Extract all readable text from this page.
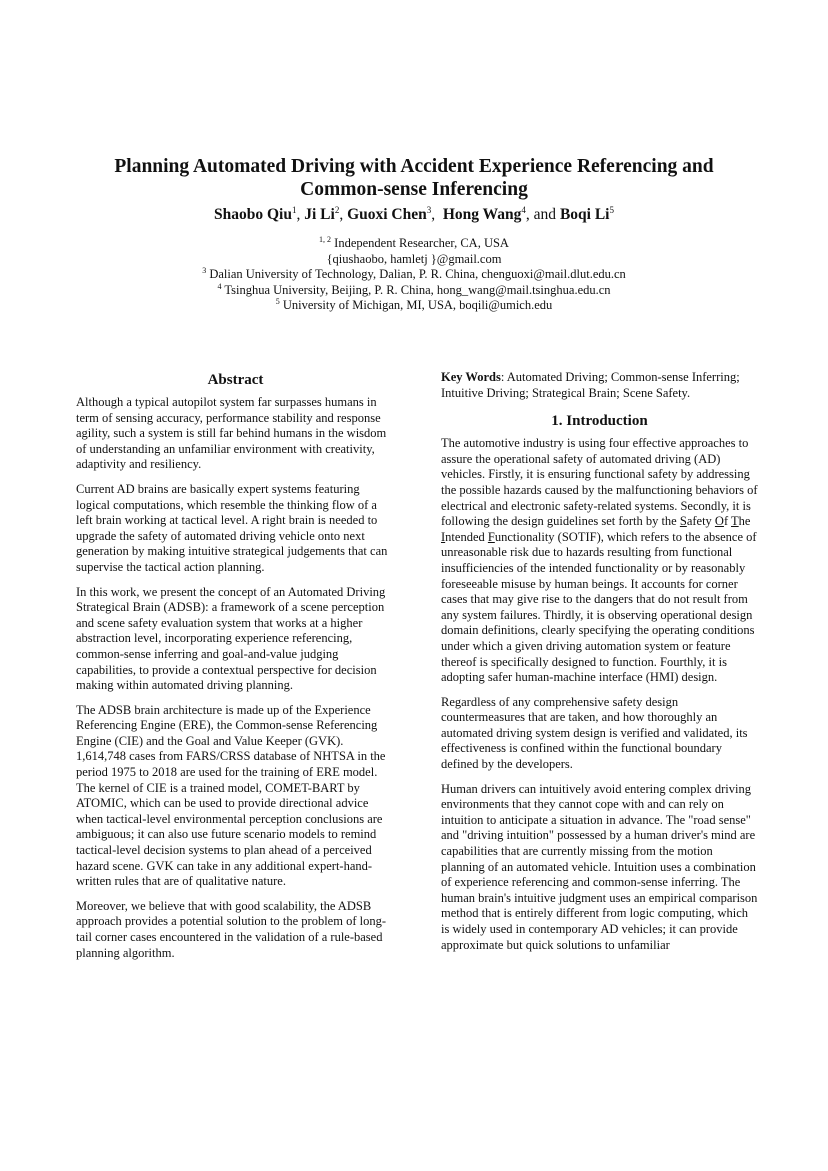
Planning Automated Driving with Accident Experience Referencing and
Common-sense Inferencing
Shaobo Qiu$^1$, Ji Li$^2$, Guoxi Chen$^3$,  Hong Wang$^4$, and Boqi Li$^5$
$^{1, 2}$ Independent Researcher, CA, USA
{qiushaobo, hamletj }@gmail.com
$^3$ Dalian University of Technology, Dalian, P. R. China, chenguoxi@mail.dlut.edu.cn
$^4$ Tsinghua University, Beijing, P. R. China, hong_wang@mail.tsinghua.edu.cn
$^5$ University of Michigan, MI, USA, boqili@umich.edu
Abstract

Although a typical autopilot system far surpasses humans in term of sensing accuracy, performance stability and response agility, such a system is still far behind humans in the wisdom of understanding an unfamiliar environment with creativity, adaptivity and resiliency.

Current AD brains are basically expert systems featuring logical computations, which resemble the thinking flow of a left brain working at tactical level. A right brain is needed to upgrade the safety of automated driving vehicle onto next generation by making intuitive strategical judgements that can supervise the tactical action planning.

In this work, we present the concept of an Automated Driving Strategical Brain (ADSB): a framework of a scene perception and scene safety evaluation system that works at a higher abstraction level, incorporating experience referencing, common-sense inferring and goal-and-value judging capabilities, to provide a contextual perspective for decision making within automated driving planning.

The ADSB brain architecture is made up of the Experience Referencing Engine (ERE), the Common-sense Referencing Engine (CIE) and the Goal and Value Keeper (GVK). 1,614,748 cases from FARS/CRSS database of NHTSA in the period 1975 to 2018 are used for the training of ERE model. The kernel of CIE is a trained model, COMET-BART by ATOMIC, which can be used to provide directional advice when tactical-level environmental perception conclusions are ambiguous; it can also use future scenario models to remind tactical-level decision systems to plan ahead of a perceived hazard scene. GVK can take in any additional expert-hand-written rules that are of qualitative nature.

Moreover, we believe that with good scalability, the ADSB approach provides a potential solution to the problem of long-tail corner cases encountered in the validation of a rule-based planning algorithm.

Key Words: Automated Driving; Common-sense Inferring; Intuitive Driving; Strategical Brain; Scene Safety.

1. Introduction

The automotive industry is using four effective approaches to assure the operational safety of automated driving (AD) vehicles. Firstly, it is ensuring functional safety by addressing the possible hazards caused by the malfunctioning behaviors of electrical and electronic safety-related systems. Secondly, it is following the design guidelines set forth by the Safety Of The Intended Functionality (SOTIF), which refers to the absence of unreasonable risk due to hazards resulting from functional insufficiencies of the intended functionality or by reasonably foreseeable misuse by human beings. It accounts for corner cases that may give rise to the dangers that do not result from any system failures. Thirdly, it is observing operational design domain definitions, clearly specifying the operating conditions under which a given driving automation system or feature thereof is specifically designed to function. Fourthly, it is adopting safer human-machine interface (HMI) design.

Regardless of any comprehensive safety design countermeasures that are taken, and how thoroughly an automated driving system design is verified and validated, its effectiveness is confined within the functional boundary defined by the developers.

Human drivers can intuitively avoid entering complex driving environments that they cannot cope with and can rely on intuition to anticipate a situation in advance. The "road sense" and "driving intuition" possessed by a human driver's mind are capabilities that are currently missing from the motion planning of an automated vehicle. Intuition uses a combination of experience referencing and common-sense inferring. The human brain's intuitive judgment uses an empirical comparison method that is entirely different from logic computing, which is widely used in contemporary AD vehicles; it can provide approximate but quick solutions to unfamiliar
